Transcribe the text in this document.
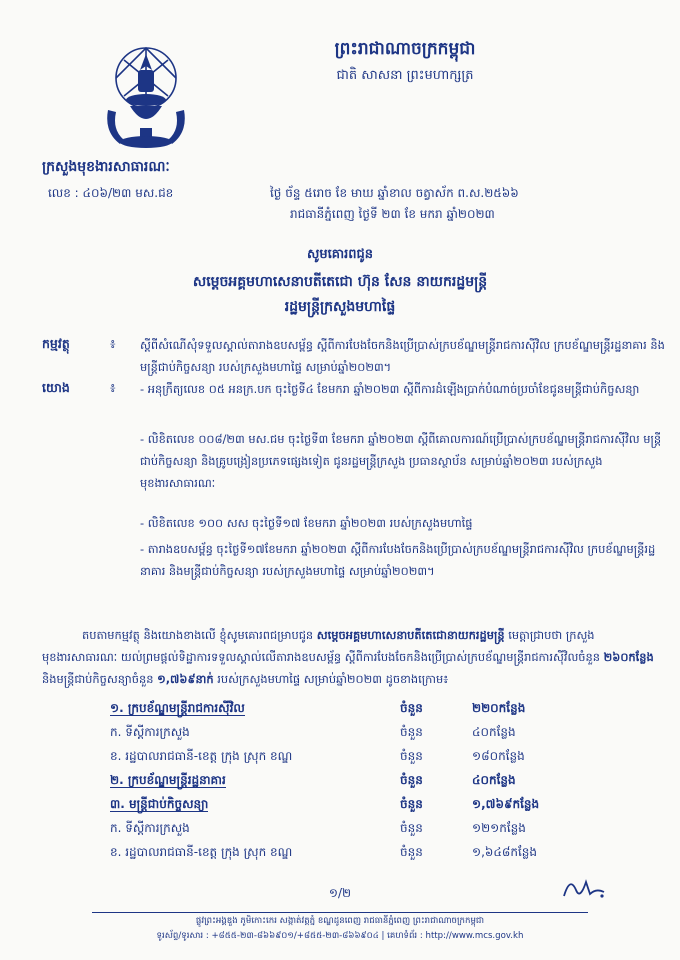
ព្រះរាជាណាចក្រកម្ពុជា
ជាតិ សាសនា ព្រះមហាក្សត្រ
ក្រសួងមុខងារសាធារណៈ
លេខ : ៤០៦/២៣ មស.ជខ	ថ្ងៃ ច័ន្ទ ៥រោច ខែ មាឃ ឆ្នាំខាល ចត្វាស័ក ព.ស.២៥៦៦
រាជធានីភ្នំពេញ ថ្ងៃទី ២៣ ខែ មករា ឆ្នាំ២០២៣
សូមគោរពជូន
សម្តេចអគ្គមហាសេនាបតីតេជោ ហ៊ុន សែន នាយករដ្ឋមន្ត្រី
រដ្ឋមន្ត្រីក្រសួងមហាផ្ទៃ
កម្មវត្ថុ	៖ ស្តីពីសំណើសុំទទួលស្គាល់តារាងឧបសម្ព័ន្ធ ស្តីពីការបែងចែកនិងប្រើប្រាស់ក្របខ័ណ្ឌមន្ត្រីរាជការស៊ីវិល ក្របខ័ណ្ឌមន្ត្រីរដ្ឋនាគារ និងមន្ត្រីជាប់កិច្ចសន្យា របស់ក្រសួងមហាផ្ទៃ សម្រាប់ឆ្នាំ២០២៣។
យោង	៖ - អនុក្រឹត្យលេខ ០៥ អនក្រ.បក ចុះថ្ងៃទី៤ ខែមករា ឆ្នាំ២០២៣ ស្តីពីការដំឡើងប្រាក់បំណាច់ប្រចាំខែជូនមន្ត្រីជាប់កិច្ចសន្យា
- លិខិតលេខ ០០៨/២៣ មស.ជម ចុះថ្ងៃទី៣ ខែមករា ឆ្នាំ២០២៣ ស្តីពីគោលការណ៍ប្រើប្រាស់ក្របខ័ណ្ឌមន្ត្រីរាជការស៊ីវិល មន្ត្រីជាប់កិច្ចសន្យា និងគ្រូបង្រៀនប្រភេទផ្សេងទៀត ជូនរដ្ឋមន្ត្រីក្រសួង ប្រធានស្ថាប័ន សម្រាប់ឆ្នាំ២០២៣ របស់ក្រសួងមុខងារសាធារណៈ
- លិខិតលេខ ១០០ សស ចុះថ្ងៃទី១៧ ខែមករា ឆ្នាំ២០២៣ របស់ក្រសួងមហាផ្ទៃ
- តារាងឧបសម្ព័ន្ធ ចុះថ្ងៃទី១៧ខែមករា ឆ្នាំ២០២៣ ស្តីពីការបែងចែកនិងប្រើប្រាស់ក្របខ័ណ្ឌមន្ត្រីរាជការស៊ីវិល ក្របខ័ណ្ឌមន្ត្រីរដ្ឋនាគារ និងមន្ត្រីជាប់កិច្ចសន្យា របស់ក្រសួងមហាផ្ទៃ សម្រាប់ឆ្នាំ២០២៣។
តបតាមកម្មវត្ថុ និងយោងខាងលើ ខ្ញុំសូមគោរពជម្រាបជូន សម្តេចអគ្គមហាសេនាបតីតេជោនាយករដ្ឋមន្ត្រី មេត្តាជ្រាបថា ក្រសួងមុខងារសាធារណៈ យល់ព្រមផ្តល់ទិដ្ឋាការទទួលស្គាល់លើតារាងឧបសម្ព័ន្ធ ស្តីពីការបែងចែកនិងប្រើប្រាស់ក្របខ័ណ្ឌមន្ត្រីរាជការស៊ីវិលចំនួន ២៦០កន្លែង និងមន្ត្រីជាប់កិច្ចសន្យាចំនួន ១,៧៦៩នាក់ របស់ក្រសួងមហាផ្ទៃ សម្រាប់ឆ្នាំ២០២៣ ដូចខាងក្រោម៖
១. ក្របខ័ណ្ឌមន្ត្រីរាជការស៊ីវិល	ចំនួន	២២០កន្លែង
ក. ទីស្តីការក្រសួង	ចំនួន	៤០កន្លែង
ខ. រដ្ឋបាលរាជធានី-ខេត្ត ក្រុង ស្រុក ខណ្ឌ	ចំនួន	១៨០កន្លែង
២. ក្របខ័ណ្ឌមន្ត្រីរដ្ឋនាគារ	ចំនួន	៤០កន្លែង
៣. មន្ត្រីជាប់កិច្ចសន្យា	ចំនួន	១,៧៦៩កន្លែង
ក. ទីស្តីការក្រសួង	ចំនួន	១២១កន្លែង
ខ. រដ្ឋបាលរាជធានី-ខេត្ត ក្រុង ស្រុក ខណ្ឌ	ចំនួន	១,៦៤៨កន្លែង
១/២
ផ្លូវព្រះអង្គឌួង ភូមិកោះកេរ សង្កាត់វត្តភ្នំ ខណ្ឌដូនពេញ រាជធានីភ្នំពេញ ព្រះរាជាណាចក្រកម្ពុជា
ទូរស័ព្ទ/ទូរសារ : +៨៥៥-២៣-៨៦៦៩០១/+៨៥៥-២៣-៨៦៦៩០៤ | គេហទំព័រ : http://www.mcs.gov.kh
